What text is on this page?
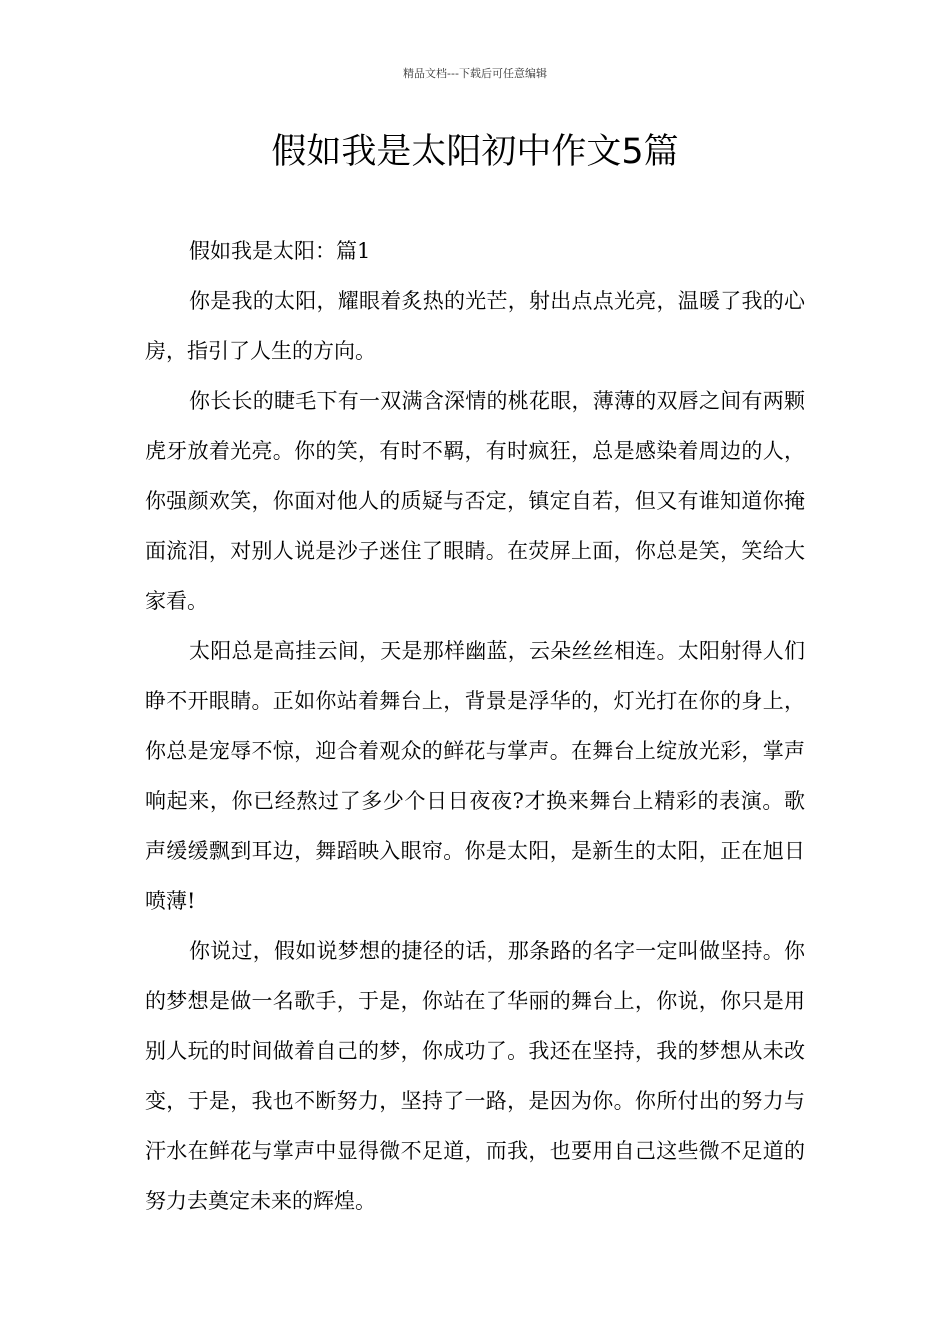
精品文档---下载后可任意编辑
假如我是太阳初中作文5篇

假如我是太阳：篇1

你是我的太阳，耀眼着炙热的光芒，射出点点光亮，温暖了我的心房，指引了人生的方向。

你长长的睫毛下有一双满含深情的桃花眼，薄薄的双唇之间有两颗虎牙放着光亮。你的笑，有时不羁，有时疯狂，总是感染着周边的人，你强颜欢笑，你面对他人的质疑与否定，镇定自若，但又有谁知道你掩面流泪，对别人说是沙子迷住了眼睛。在荧屏上面，你总是笑，笑给大家看。

太阳总是高挂云间，天是那样幽蓝，云朵丝丝相连。太阳射得人们睁不开眼睛。正如你站着舞台上，背景是浮华的，灯光打在你的身上，你总是宠辱不惊，迎合着观众的鲜花与掌声。在舞台上绽放光彩，掌声响起来，你已经熬过了多少个日日夜夜?才换来舞台上精彩的表演。歌声缓缓飘到耳边，舞蹈映入眼帘。你是太阳，是新生的太阳，正在旭日喷薄!

你说过，假如说梦想的捷径的话，那条路的名字一定叫做坚持。你的梦想是做一名歌手，于是，你站在了华丽的舞台上，你说，你只是用别人玩的时间做着自己的梦，你成功了。我还在坚持，我的梦想从未改变，于是，我也不断努力，坚持了一路，是因为你。你所付出的努力与汗水在鲜花与掌声中显得微不足道，而我，也要用自己这些微不足道的努力去奠定未来的辉煌。
